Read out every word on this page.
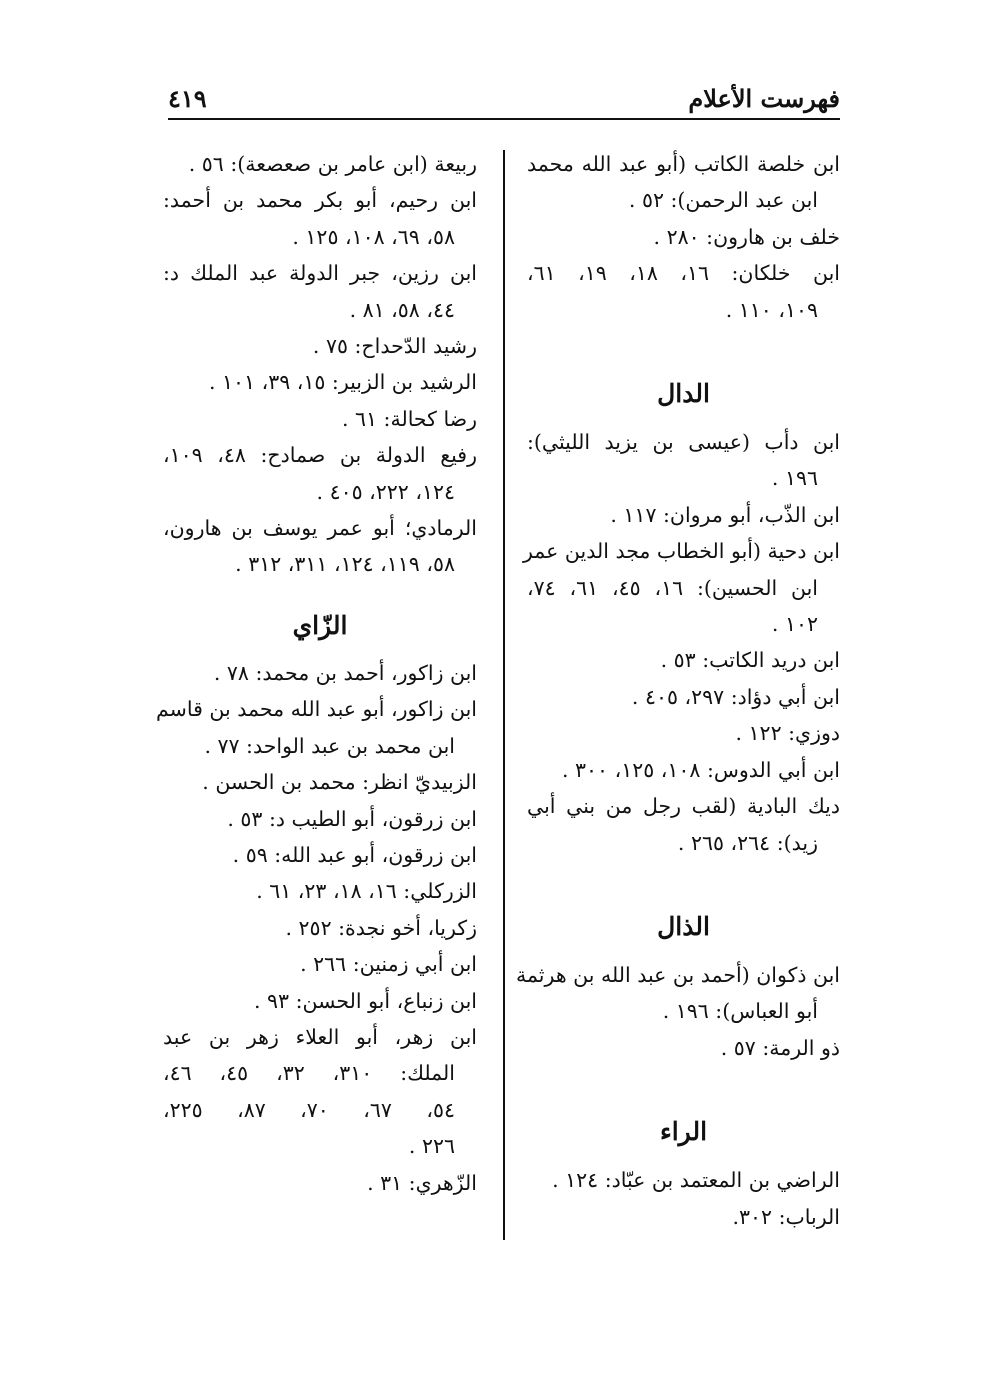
فهرست الأعلام
٤١٩
ابن خلصة الكاتب (أبو عبد الله محمد
ابن عبد الرحمن): ٥٢ .
خلف بن هارون: ٢٨٠ .
ابن خلكان: ١٦، ١٨، ١٩، ٦١،
١٠٩، ١١٠ .
الدال
ابن دأب (عيسى بن يزيد الليثي):
١٩٦ .
ابن الذّب، أبو مروان: ١١٧ .
ابن دحية (أبو الخطاب مجد الدين عمر
ابن الحسين): ١٦، ٤٥، ٦١، ٧٤،
١٠٢ .
ابن دريد الكاتب: ٥٣ .
ابن أبي دؤاد: ٢٩٧، ٤٠٥ .
دوزي: ١٢٢ .
ابن أبي الدوس: ١٠٨، ١٢٥، ٣٠٠ .
ديك البادية (لقب رجل من بني أبي
زيد): ٢٦٤، ٢٦٥ .
الذال
ابن ذكوان (أحمد بن عبد الله بن هرثمة
أبو العباس): ١٩٦ .
ذو الرمة: ٥٧ .
الراء
الراضي بن المعتمد بن عبّاد: ١٢٤ .
الرباب: ٣٠٢.
ربيعة (ابن عامر بن صعصعة): ٥٦ .
ابن رحيم، أبو بكر محمد بن أحمد:
٥٨، ٦٩، ١٠٨، ١٢٥ .
ابن رزين، جبر الدولة عبد الملك د:
٤٤، ٥٨، ٨١ .
رشيد الدّحداح: ٧٥ .
الرشيد بن الزبير: ١٥، ٣٩، ١٠١ .
رضا كحالة: ٦١ .
رفيع الدولة بن صمادح: ٤٨، ١٠٩،
١٢٤، ٢٢٢، ٤٠٥ .
الرمادي؛ أبو عمر يوسف بن هارون،
٥٨، ١١٩، ١٢٤، ٣١١، ٣١٢ .
الزّاي
ابن زاكور، أحمد بن محمد: ٧٨ .
ابن زاكور، أبو عبد الله محمد بن قاسم
ابن محمد بن عبد الواحد: ٧٧ .
الزبيديّ انظر: محمد بن الحسن .
ابن زرقون، أبو الطيب د: ٥٣ .
ابن زرقون، أبو عبد الله: ٥٩ .
الزركلي: ١٦، ١٨، ٢٣، ٦١ .
زكريا، أخو نجدة: ٢٥٢ .
ابن أبي زمنين: ٢٦٦ .
ابن زنباع، أبو الحسن: ٩٣ .
ابن زهر، أبو العلاء زهر بن عبد
الملك: ٣١٠، ٣٢، ٤٥، ٤٦،
٥٤، ٦٧، ٧٠، ٨٧، ٢٢٥،
٢٢٦ .
الزّهري: ٣١ .
